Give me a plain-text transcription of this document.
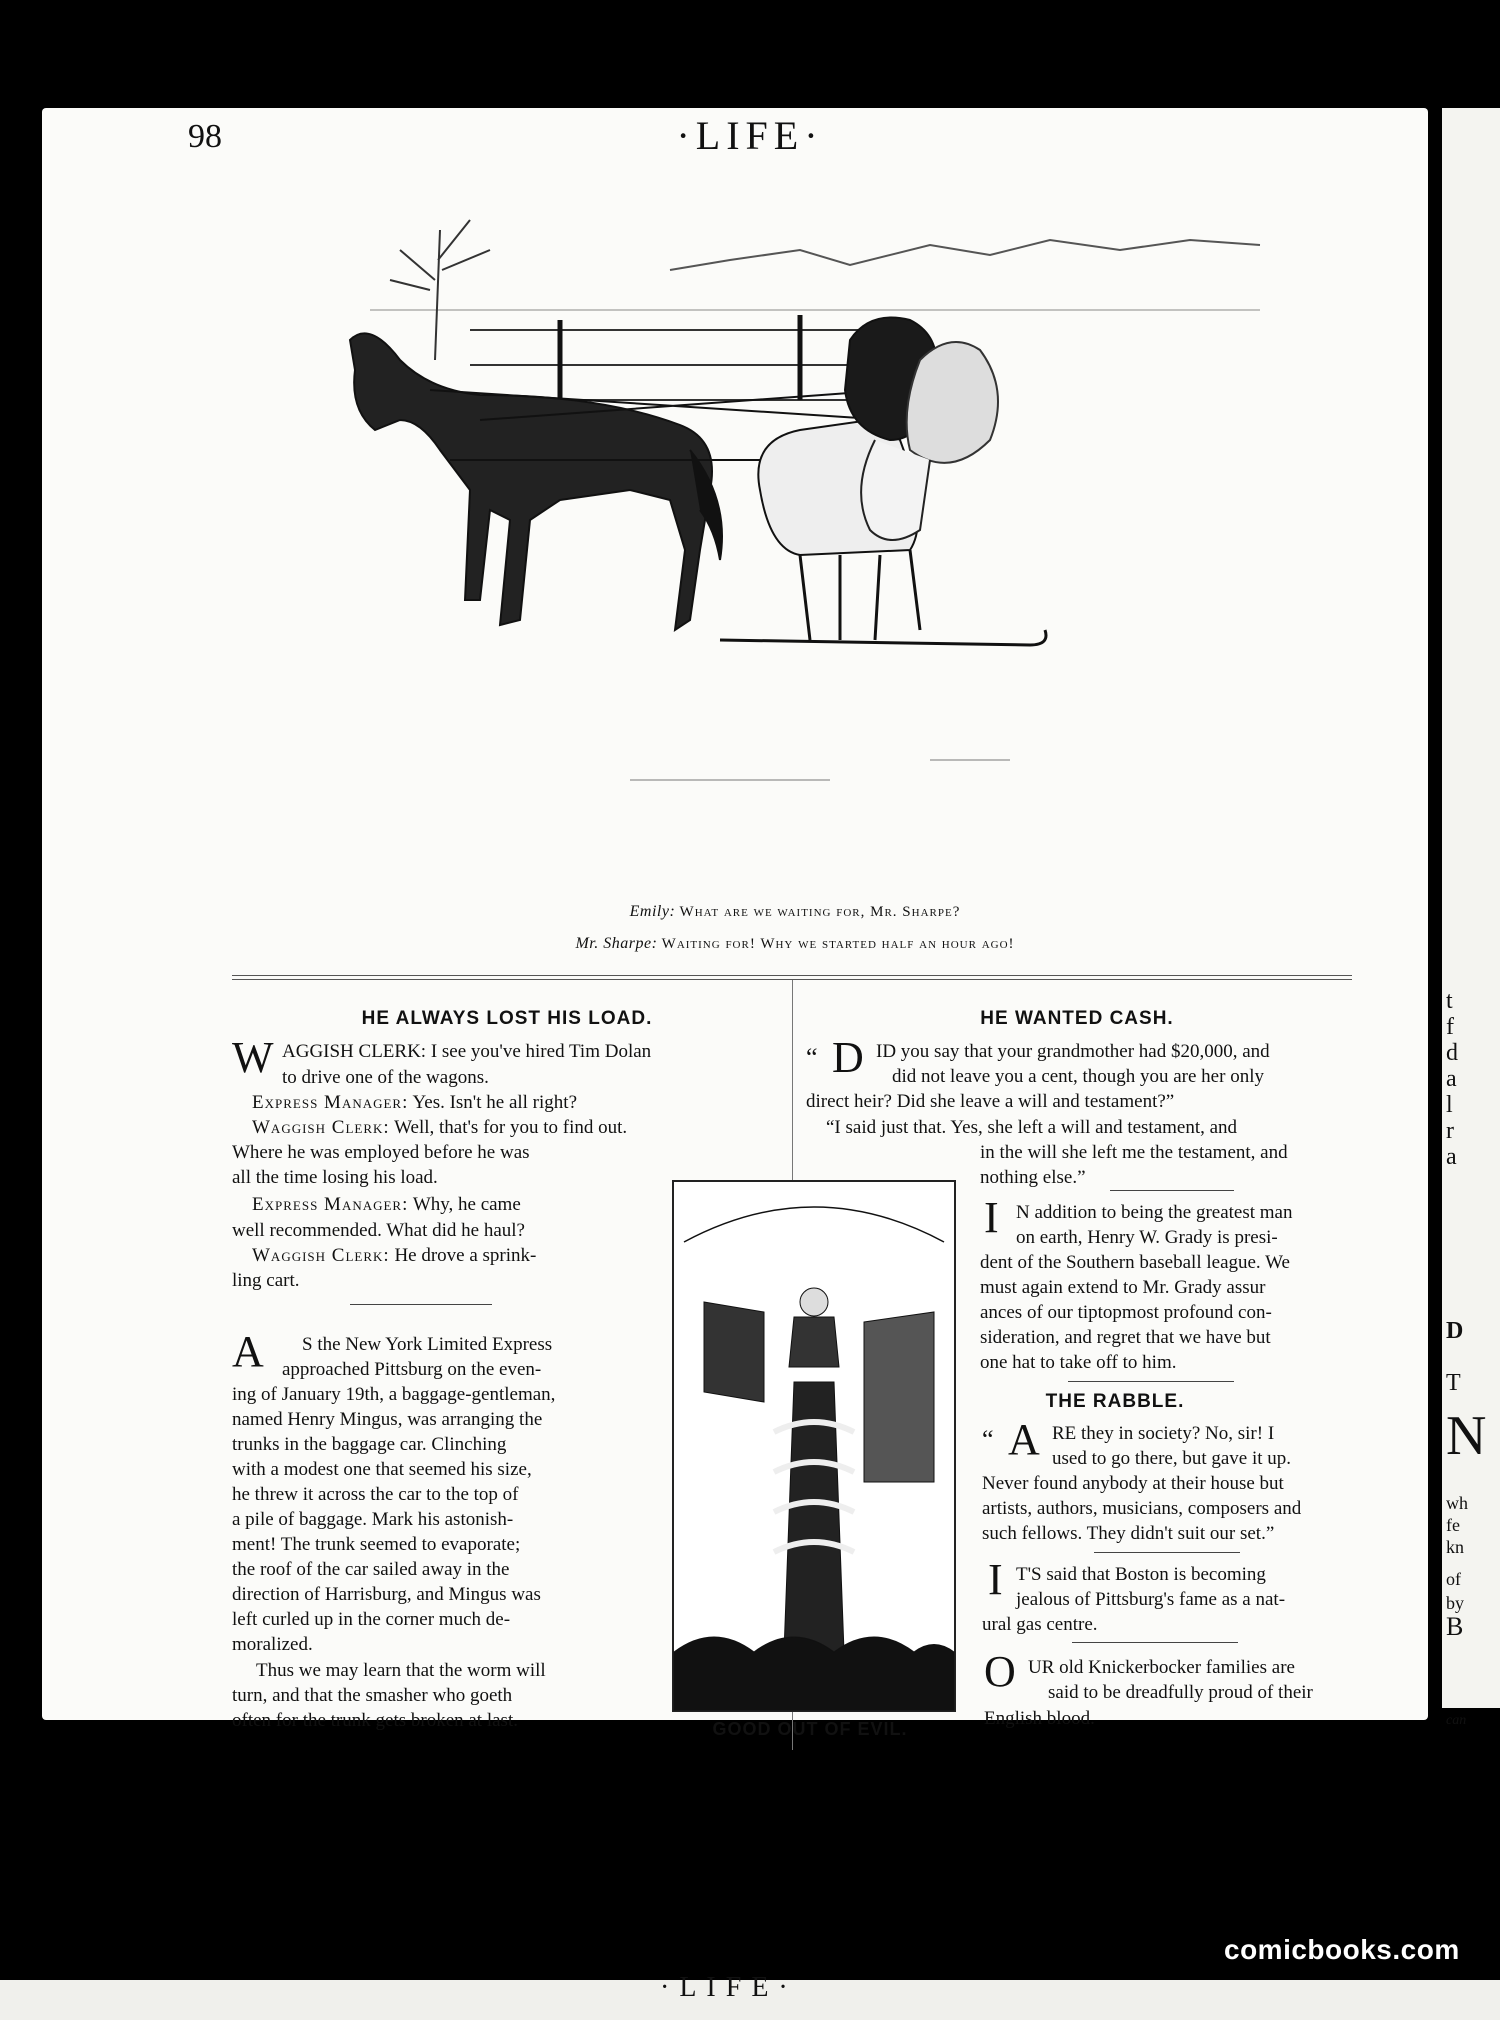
98	·LIFE·
Emily: What are we waiting for, Mr. Sharpe?
Mr. Sharpe: Waiting for! Why we started half an hour ago!
HE ALWAYS LOST HIS LOAD.
W AGGISH CLERK: I see you've hired Tim Dolan
to drive one of the wagons.
Express Manager: Yes. Isn't he all right?
Waggish Clerk: Well, that's for you to find out.
Where he was employed before he was
all the time losing his load.
Express Manager: Why, he came
well recommended. What did he haul?
Waggish Clerk: He drove a sprink-
ling cart.
A S the New York Limited Express
approached Pittsburg on the even-
ing of January 19th, a baggage-gentleman,
named Henry Mingus, was arranging the
trunks in the baggage car. Clinching
with a modest one that seemed his size,
he threw it across the car to the top of
a pile of baggage. Mark his astonish-
ment! The trunk seemed to evaporate;
the roof of the car sailed away in the
direction of Harrisburg, and Mingus was
left curled up in the corner much de-
moralized.
Thus we may learn that the worm will
turn, and that the smasher who goeth
often for the trunk gets broken at last.	GOOD OUT OF EVIL.
HE WANTED CASH.
“ D ID you say that your grandmother had $20,000, and
did not leave you a cent, though you are her only
direct heir? Did she leave a will and testament?”
“I said just that. Yes, she left a will and testament, and
in the will she left me the testament, and
nothing else.”
I N addition to being the greatest man
on earth, Henry W. Grady is presi-
dent of the Southern baseball league. We
must again extend to Mr. Grady assur
ances of our tiptopmost profound con-
sideration, and regret that we have but
one hat to take off to him.
THE RABBLE.
“ A RE they in society? No, sir! I
used to go there, but gave it up.
Never found anybody at their house but
artists, authors, musicians, composers and
such fellows. They didn't suit our set.”
I T'S said that Boston is becoming
jealous of Pittsburg's fame as a nat-
ural gas centre.
O UR old Knickerbocker families are
said to be dreadfully proud of their
English blood.
t
f
d
a
l
r
a
D
T
N
wh
fe
kn
of
by
B
can
·LIFE·
comicbooks.com
